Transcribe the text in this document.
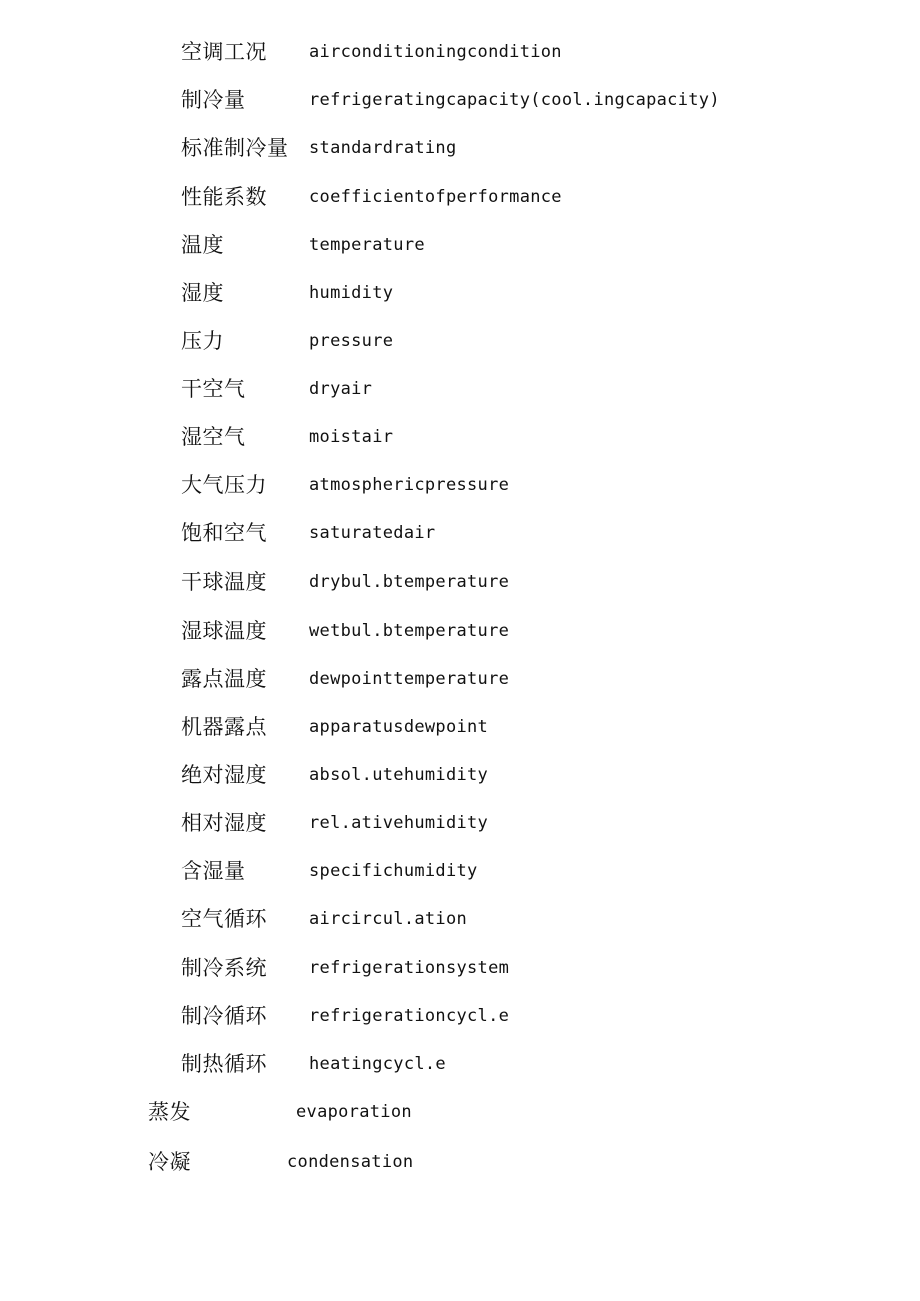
空调工况 airconditioningcondition
制冷量	refrigeratingcapacity(cool.ingcapacity)
标准制冷量 standardrating
性能系数 coefficientofperformance
温度	temperature
湿度	humidity
压力	pressure
干空气	dryair
湿空气	moistair
大气压力 atmosphericpressure
饱和空气 saturatedair
干球温度 drybul.btemperature
湿球温度 wetbul.btemperature
露点温度 dewpointtemperature
机器露点 apparatusdewpoint
绝对湿度 absol.utehumidity
相对湿度 rel.ativehumidity
含湿量	specifichumidity
空气循环 aircircul.ation
制冷系统 refrigerationsystem
制冷循环 refrigerationcycl.e
制热循环 heatingcycl.e
蒸发	evaporation
冷凝	condensation
